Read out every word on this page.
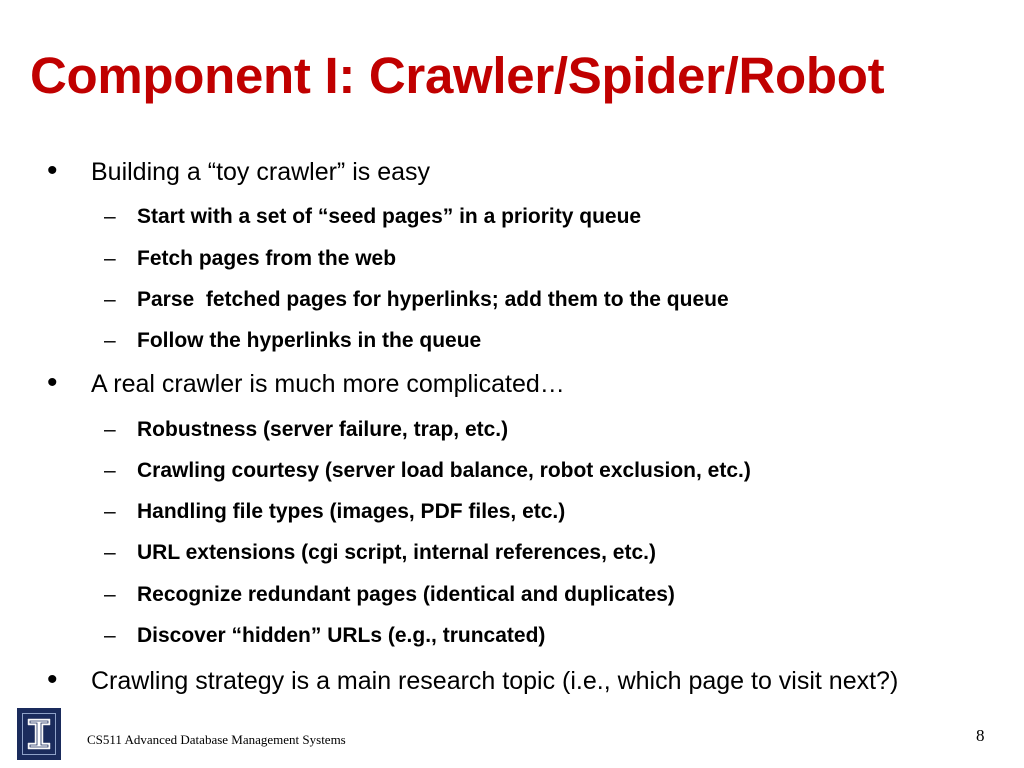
Component I: Crawler/Spider/Robot
• Building a “toy crawler” is easy
– Start with a set of “seed pages” in a priority queue
– Fetch pages from the web
– Parse  fetched pages for hyperlinks; add them to the queue
– Follow the hyperlinks in the queue
• A real crawler is much more complicated…
– Robustness (server failure, trap, etc.)
– Crawling courtesy (server load balance, robot exclusion, etc.)
– Handling file types (images, PDF files, etc.)
– URL extensions (cgi script, internal references, etc.)
– Recognize redundant pages (identical and duplicates)
– Discover “hidden” URLs (e.g., truncated)
• Crawling strategy is a main research topic (i.e., which page to visit next?)
CS511 Advanced Database Management Systems	8
